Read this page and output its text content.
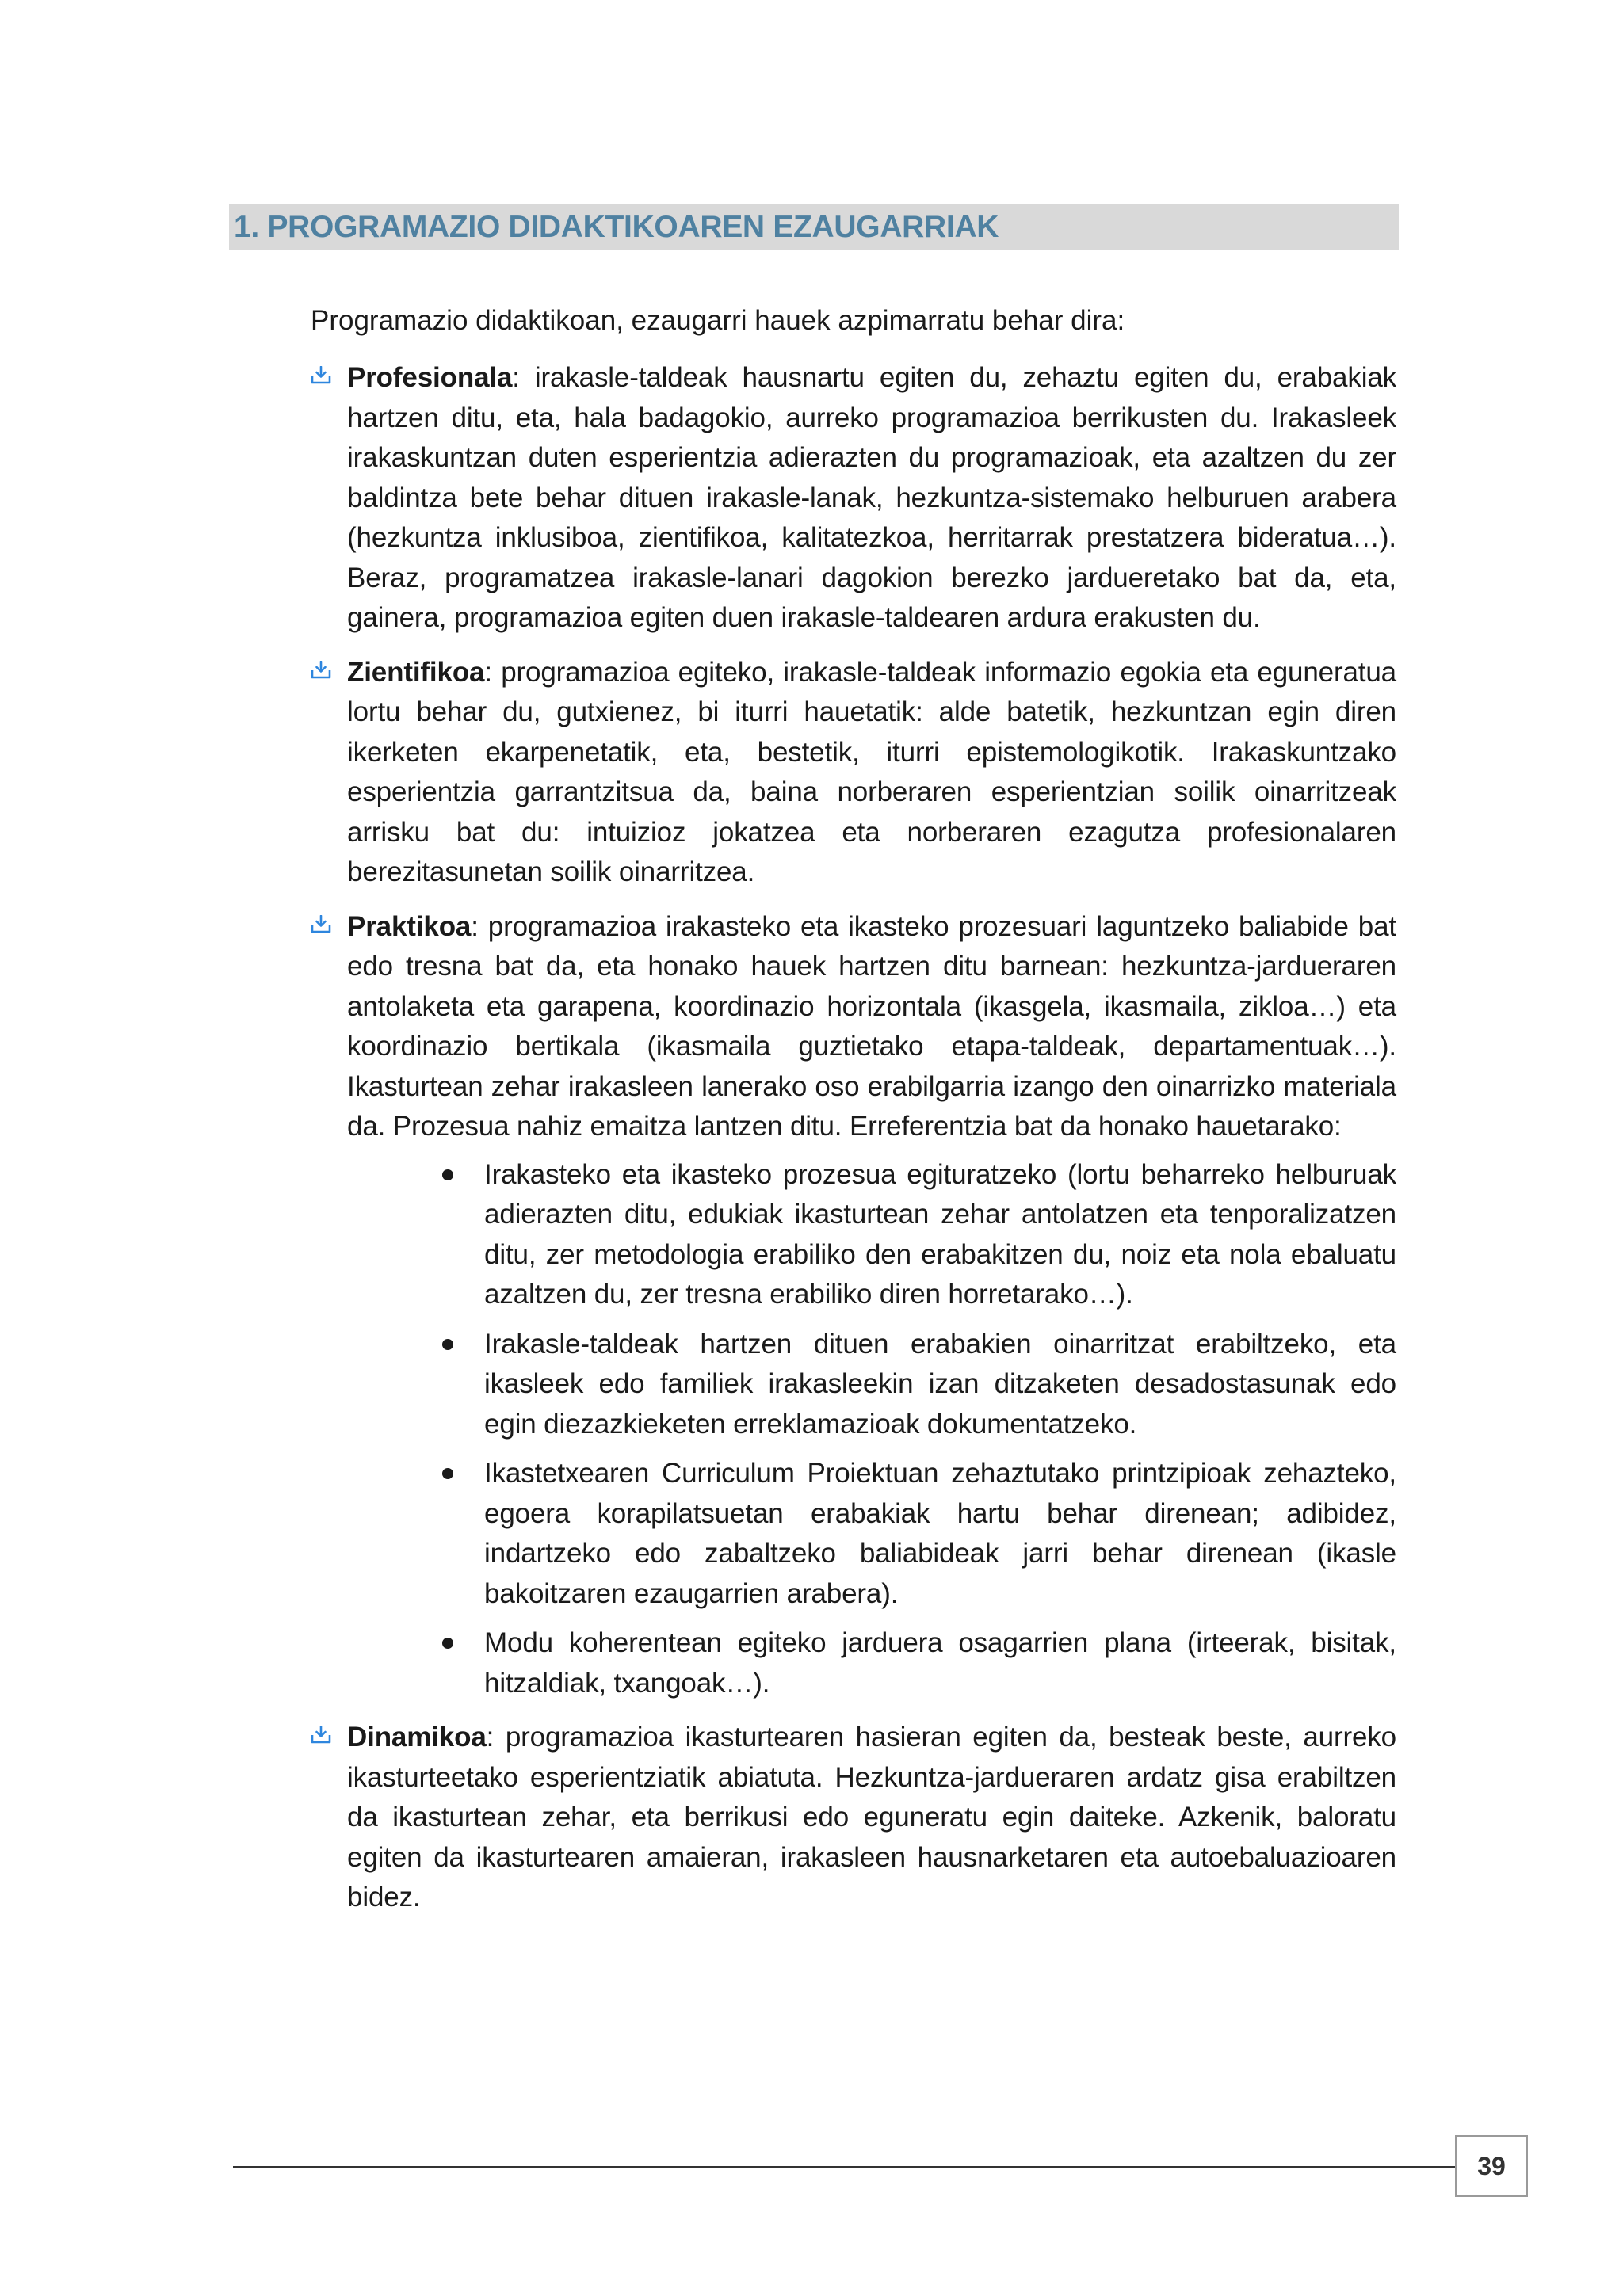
1. PROGRAMAZIO DIDAKTIKOAREN EZAUGARRIAK

Programazio didaktikoan, ezaugarri hauek azpimarratu behar dira:

Profesionala: irakasle-taldeak hausnartu egiten du, zehaztu egiten du, erabakiak hartzen ditu, eta, hala badagokio, aurreko programazioa berrikusten du. Irakasleek irakaskuntzan duten esperientzia adierazten du programazioak, eta azaltzen du zer baldintza bete behar dituen irakasle-lanak, hezkuntza-sistemako helburuen arabera (hezkuntza inklusiboa, zientifikoa, kalitatezkoa, herritarrak prestatzera bideratua…). Beraz, programatzea irakasle-lanari dagokion berezko jardueretako bat da, eta, gainera, programazioa egiten duen irakasle-taldearen ardura erakusten du.

Zientifikoa: programazioa egiteko, irakasle-taldeak informazio egokia eta eguneratua lortu behar du, gutxienez, bi iturri hauetatik: alde batetik, hezkuntzan egin diren ikerketen ekarpenetatik, eta, bestetik, iturri epistemologikotik. Irakaskuntzako esperientzia garrantzitsua da, baina norberaren esperientzian soilik oinarritzeak arrisku bat du: intuizioz jokatzea eta norberaren ezagutza profesionalaren berezitasunetan soilik oinarritzea.

Praktikoa: programazioa irakasteko eta ikasteko prozesuari laguntzeko baliabide bat edo tresna bat da, eta honako hauek hartzen ditu barnean: hezkuntza-jardueraren antolaketa eta garapena, koordinazio horizontala (ikasgela, ikasmaila, zikloa…) eta koordinazio bertikala (ikasmaila guztietako etapa-taldeak, departamentuak…). Ikasturtean zehar irakasleen lanerako oso erabilgarria izango den oinarrizko materiala da. Prozesua nahiz emaitza lantzen ditu. Erreferentzia bat da honako hauetarako:

Irakasteko eta ikasteko prozesua egituratzeko (lortu beharreko helburuak adierazten ditu, edukiak ikasturtean zehar antolatzen eta tenporalizatzen ditu, zer metodologia erabiliko den erabakitzen du, noiz eta nola ebaluatu azaltzen du, zer tresna erabiliko diren horretarako…).
Irakasle-taldeak hartzen dituen erabakien oinarritzat erabiltzeko, eta ikasleek edo familiek irakasleekin izan ditzaketen desadostasunak edo egin diezazkieketen erreklamazioak dokumentatzeko.
Ikastetxearen Curriculum Proiektuan zehaztutako printzipioak zehazteko, egoera korapilatsuetan erabakiak hartu behar direnean; adibidez, indartzeko edo zabaltzeko baliabideak jarri behar direnean (ikasle bakoitzaren ezaugarrien arabera).
Modu koherentean egiteko jarduera osagarrien plana (irteerak, bisitak, hitzaldiak, txangoak…).

Dinamikoa: programazioa ikasturtearen hasieran egiten da, besteak beste, aurreko ikasturteetako esperientziatik abiatuta. Hezkuntza-jardueraren ardatz gisa erabiltzen da ikasturtean zehar, eta berrikusi edo eguneratu egin daiteke. Azkenik, baloratu egiten da ikasturtearen amaieran, irakasleen hausnarketaren eta autoebaluazioaren bidez.

39
